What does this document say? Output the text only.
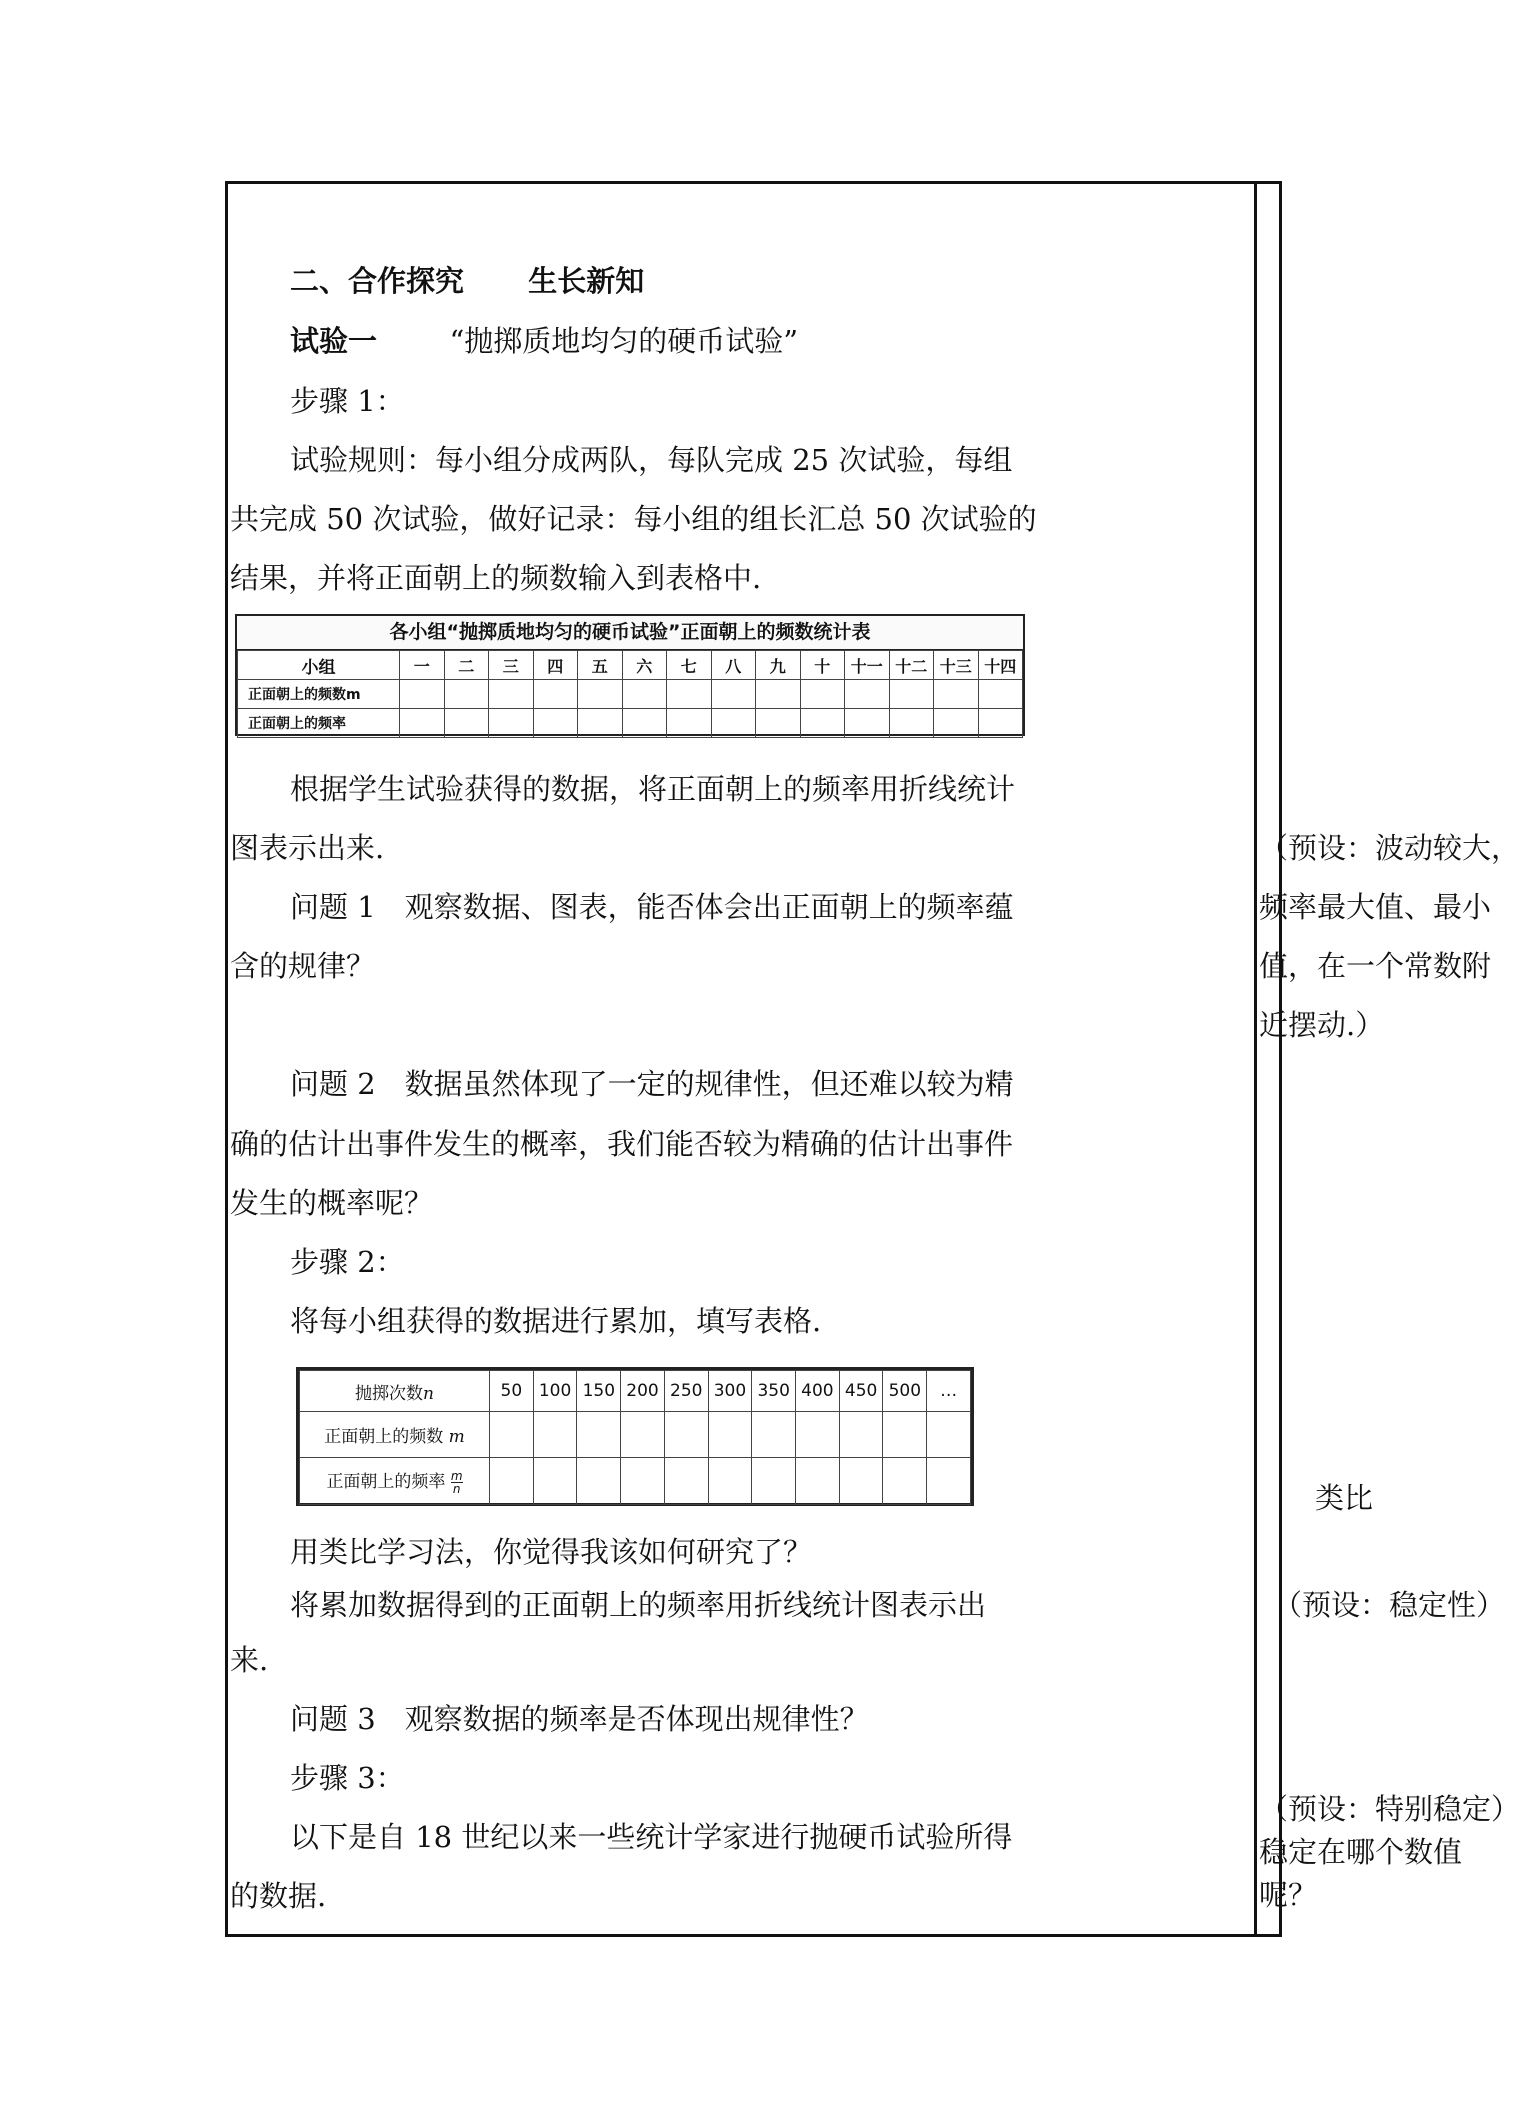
二、合作探究 生长新知
试验一 “抛掷质地均匀的硬币试验”
步骤 1：
试验规则：每小组分成两队，每队完成 25 次试验，每组
共完成 50 次试验，做好记录：每小组的组长汇总 50 次试验的
结果，并将正面朝上的频数输入到表格中.
各小组“抛掷质地均匀的硬币试验”正面朝上的频数统计表
小组	一	二	三	四	五	六	七	八	九	十	十一	十二	十三	十四
正面朝上的频数m														
正面朝上的频率														
根据学生试验获得的数据，将正面朝上的频率用折线统计
图表示出来.
问题 1　观察数据、图表，能否体会出正面朝上的频率蕴
含的规律？
问题 2　数据虽然体现了一定的规律性，但还难以较为精
确的估计出事件发生的概率，我们能否较为精确的估计出事件
发生的概率呢？
步骤 2：
将每小组获得的数据进行累加，填写表格.
抛掷次数n	50	100	150	200	250	300	350	400	450	500	…
正面朝上的频数 m											
正面朝上的频率 $\frac{m}{n}$

用类比学习法，你觉得我该如何研究了？
将累加数据得到的正面朝上的频率用折线统计图表示出
来.
问题 3　观察数据的频率是否体现出规律性？
步骤 3：
以下是自 18 世纪以来一些统计学家进行抛硬币试验所得
的数据.
（预设：波动较大，
频率最大值、最小
值，在一个常数附
近摆动.）
类比
（预设：稳定性）
（预设：特别稳定）
稳定在哪个数值
呢？
